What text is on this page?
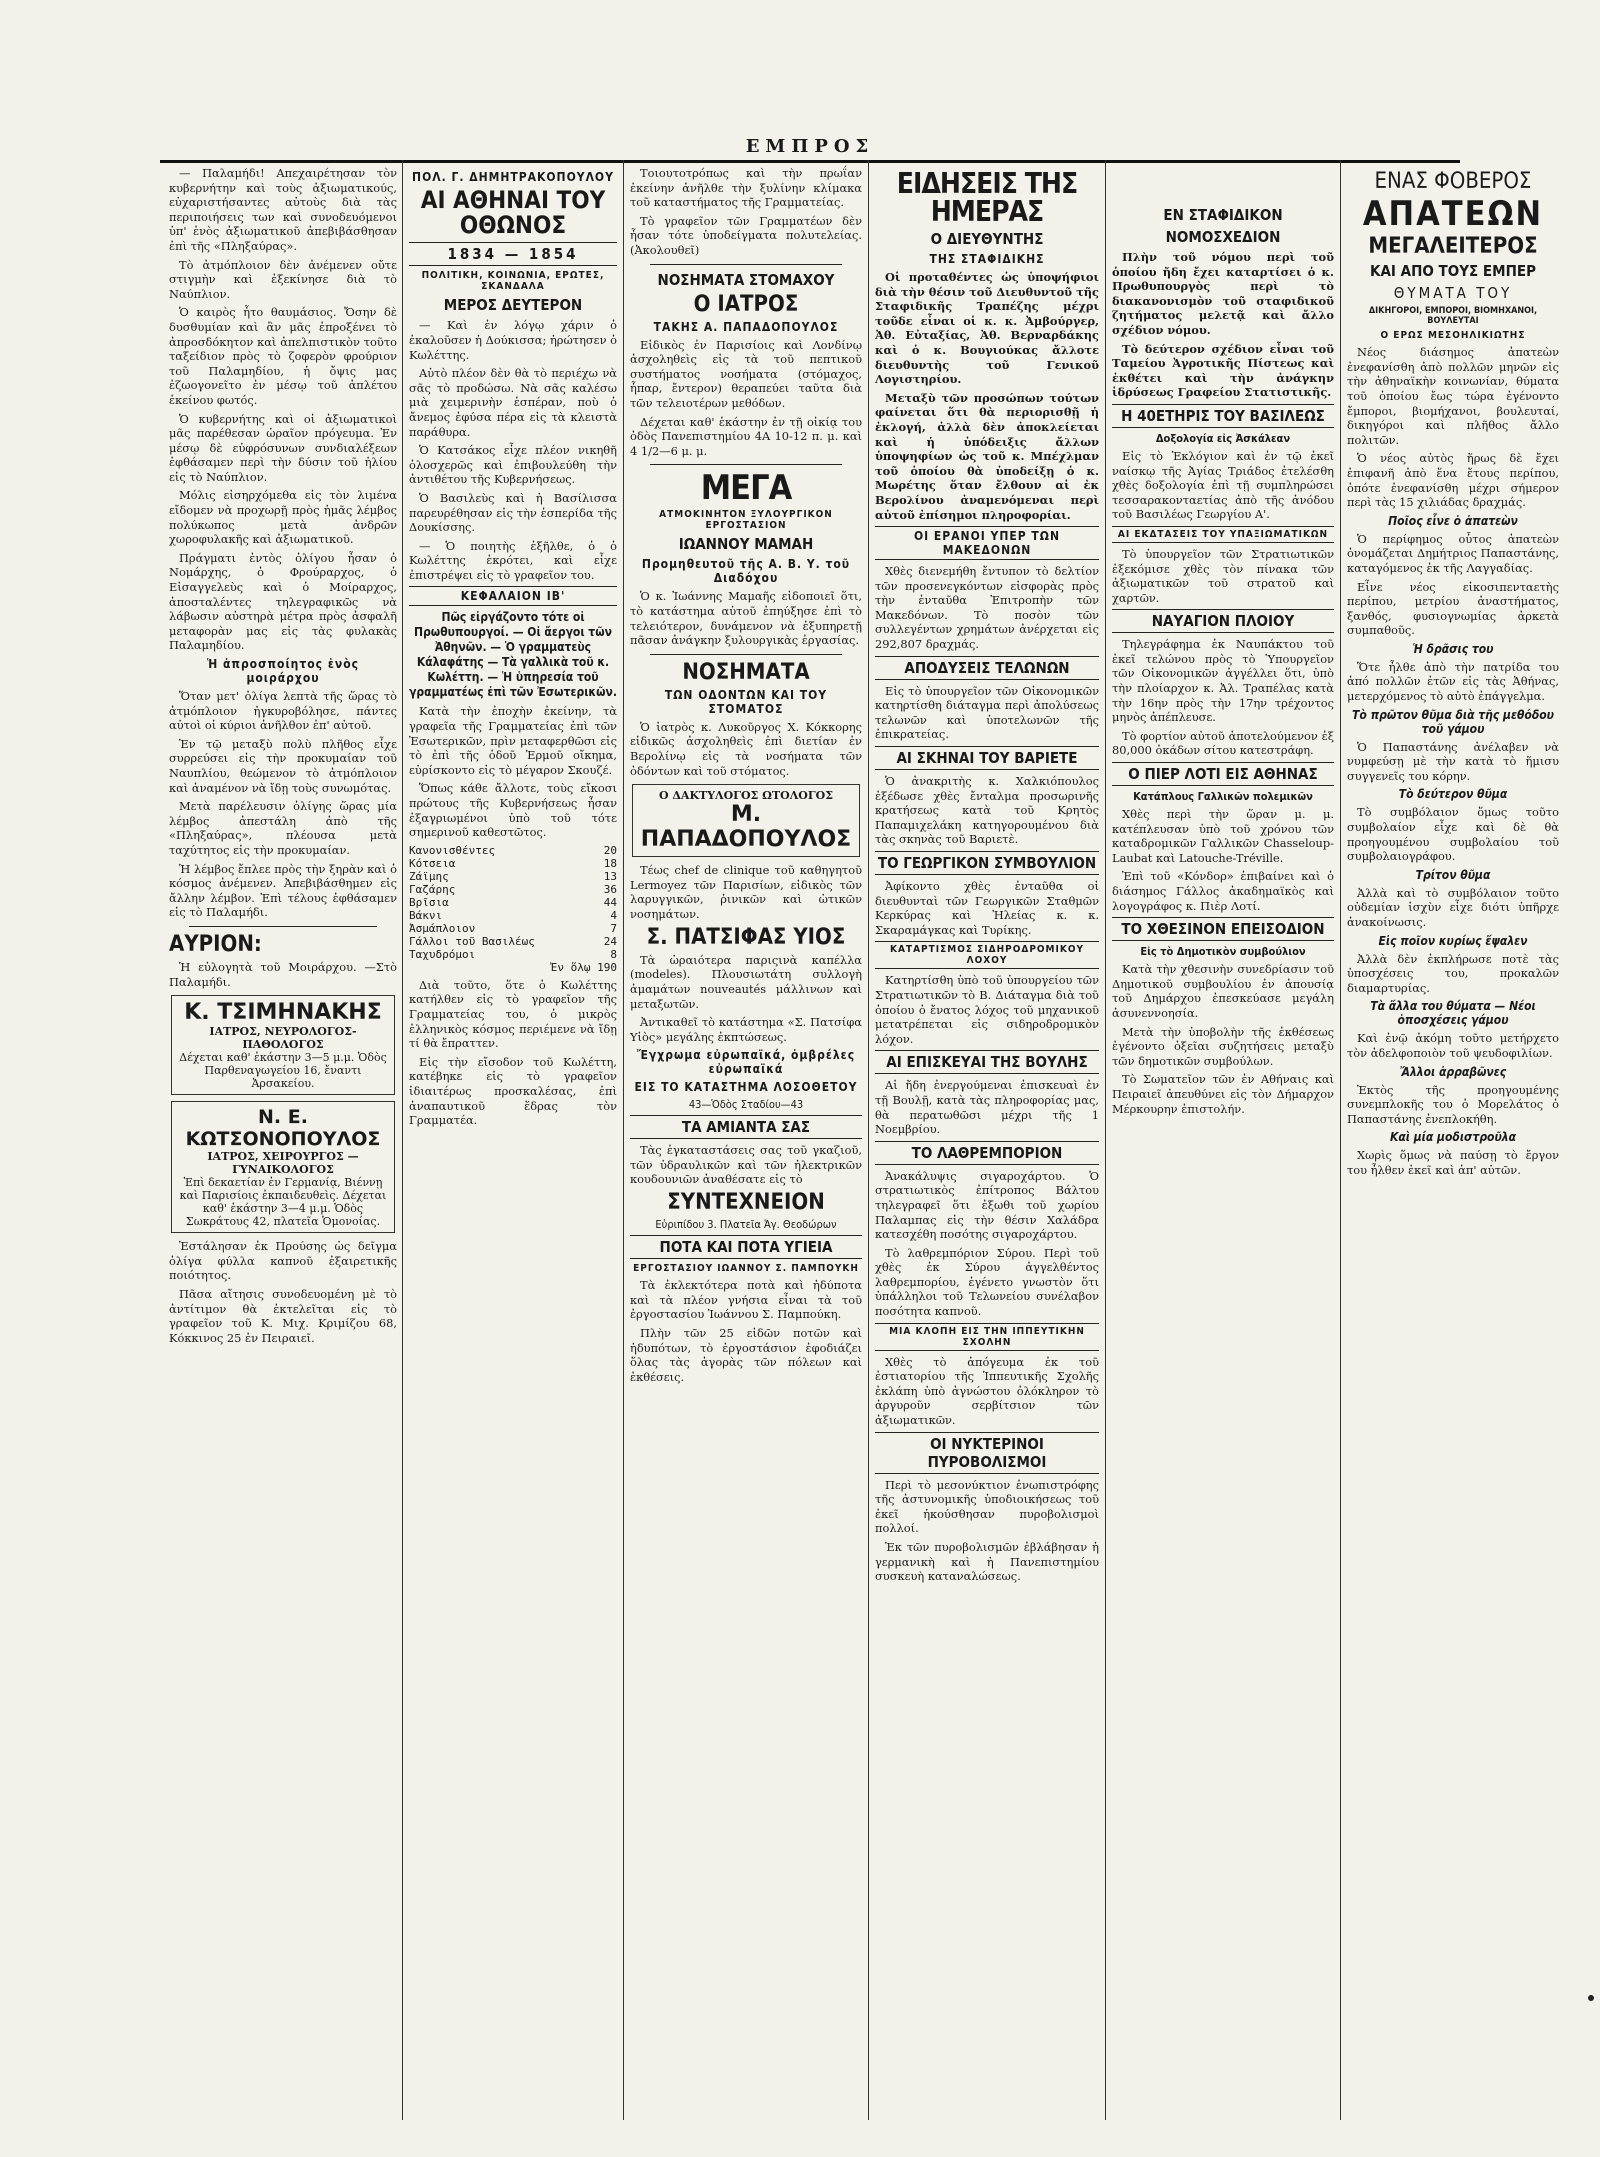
ΕΜΠΡΟΣ

— Παλαμήδι! Απεχαιρέτησαν τὸν κυβερνήτην καὶ τοὺς ἀξιωματικούς, εὐχαριστήσαντες αὐτοὺς διὰ τὰς περιποιήσεις των καὶ συνοδευόμενοι ὑπ' ἑνὸς ἀξιωματικοῦ ἀπεβιβάσθησαν ἐπὶ τῆς «Πληξαύρας».

Τὸ ἀτμόπλοιον δὲν ἀνέμενεν οὔτε στιγμὴν καὶ ἐξεκίνησε διὰ τὸ Ναύπλιον.

Ὁ καιρὸς ἦτο θαυμάσιος. Ὄσην δὲ δυσθυμίαν καὶ ἂν μᾶς ἐπροξένει τὸ ἀπροσδόκητον καὶ ἀπελπιστικὸν τοῦτο ταξείδιον πρὸς τὸ ζοφερὸν φρούριον τοῦ Παλαμηδίου, ἡ ὄψις μας ἐζωογονεῖτο ἐν μέσῳ τοῦ ἀπλέτου ἐκείνου φωτός.

Ὁ κυβερνήτης καὶ οἱ ἀξιωματικοὶ μᾶς παρέθεσαν ὡραῖον πρόγευμα. Ἐν μέσῳ δὲ εὐφρόσυνων συνδιαλέξεων ἐφθάσαμεν περὶ τὴν δύσιν τοῦ ἡλίου εἰς τὸ Ναύπλιον.

Μόλις εἰσηρχόμεθα εἰς τὸν λιμένα εἴδομεν νὰ προχωρῇ πρὸς ἡμᾶς λέμβος πολύκωπος μετὰ ἀνδρῶν χωροφυλακῆς καὶ ἀξιωματικοῦ.

Πράγματι ἐντὸς ὀλίγου ἦσαν ὁ Νομάρχης, ὁ Φρούραρχος, ὁ Εἰσαγγελεὺς καὶ ὁ Μοίραρχος, ἀποσταλέντες τηλεγραφικῶς νὰ λάβωσιν αὐστηρὰ μέτρα πρὸς ἀσφαλῆ μεταφορὰν μας εἰς τὰς φυλακὰς Παλαμηδίου.

Ἡ ἀπροσποίητος ἑνὸς μοιράρχου

Ὅταν μετ' ὀλίγα λεπτὰ τῆς ὥρας τὸ ἀτμόπλοιον ἠγκυροβόλησε, πάντες αὐτοὶ οἱ κύριοι ἀνῆλθον ἐπ' αὐτοῦ.

Ἐν τῷ μεταξὺ πολὺ πλῆθος εἶχε συρρεύσει εἰς τὴν προκυμαίαν τοῦ Ναυπλίου, θεώμενον τὸ ἀτμόπλοιον καὶ ἀναμένον νὰ ἴδῃ τοὺς συνωμότας.

Μετὰ παρέλευσιν ὀλίγης ὥρας μία λέμβος ἀπεστάλη ἀπὸ τῆς «Πληξαύρας», πλέουσα μετὰ ταχύτητος εἰς τὴν προκυμαίαν.

Ἡ λέμβος ἔπλεε πρὸς τὴν ξηρὰν καὶ ὁ κόσμος ἀνέμενεν. Ἀπεβιβάσθημεν εἰς ἄλλην λέμβον. Ἐπὶ τέλους ἐφθάσαμεν εἰς τὸ Παλαμήδι.

ΑΥΡΙΟΝ:

Ἡ εὐλογητὰ τοῦ Μοιράρχου. —Στὸ Παλαμήδι.

Κ. ΤΣΙΜΗΝΑΚΗΣ
ΙΑΤΡΟΣ, ΝΕΥΡΟΛΟΓΟΣ-ΠΑΘΟΛΟΓΟΣ
Δέχεται καθ' ἑκάστην 3—5 μ.μ. Ὁδὸς Παρθεναγωγείου 16, ἔναντι Ἀρσακείου.
Ν. Ε. ΚΩΤΣΟΝΟΠΟΥΛΟΣ
ΙΑΤΡΟΣ, ΧΕΙΡΟΥΡΓΟΣ — ΓΥΝΑΙΚΟΛΟΓΟΣ
Ἐπὶ δεκαετίαν ἐν Γερμανίᾳ, Βιέννῃ καὶ Παρισίοις ἐκπαιδευθεὶς. Δέχεται καθ' ἑκάστην 3—4 μ.μ. Ὁδὸς Σωκράτους 42, πλατεῖα Ὁμονοίας.

Ἐστάλησαν ἐκ Προύσης ὡς δεῖγμα ὀλίγα φύλλα καπνοῦ ἐξαιρετικῆς ποιότητος.

Πᾶσα αἴτησις συνοδευομένη μὲ τὸ ἀντίτιμον θὰ ἐκτελεῖται εἰς τὸ γραφεῖον τοῦ Κ. Μιχ. Κριμίζου 68, Κόκκινος 25 ἐν Πειραιεῖ.

ΠΟΛ. Γ. ΔΗΜΗΤΡΑΚΟΠΟΥΛΟΥ
ΑΙ ΑΘΗΝΑΙ ΤΟΥ ΟΘΩΝΟΣ
1834 — 1854
ΠΟΛΙΤΙΚΗ, ΚΟΙΝΩΝΙΑ, ΕΡΩΤΕΣ, ΣΚΑΝΔΑΛΑ
ΜΕΡΟΣ ΔΕΥΤΕΡΟΝ

— Καὶ ἐν λόγῳ χάριν ὁ ἐκαλοῦσεν ἡ Δούκισσα; ἠρώτησεν ὁ Κωλέττης.

Αὐτὸ πλέον δὲν θὰ τὸ περιέχω νὰ σᾶς τὸ προδώσω. Νὰ σᾶς καλέσω μιὰ χειμερινὴν ἑσπέραν, ποὺ ὁ ἄνεμος ἐφύσα πέρα εἰς τὰ κλειστὰ παράθυρα.

Ὁ Κατσάκος εἶχε πλέον νικηθῆ ὁλοσχερῶς καὶ ἐπιβουλεύθη τὴν ἀντιθέτου τῆς Κυβερνήσεως.

Ὁ Βασιλεὺς καὶ ἡ Βασίλισσα παρευρέθησαν εἰς τὴν ἑσπερίδα τῆς Δουκίσσης.

— Ὁ ποιητὴς ἐξῆλθε, ὁ ὁ Κωλέττης ἐκρότει, καὶ εἶχε ἐπιστρέψει εἰς τὸ γραφεῖον του.

ΚΕΦΑΛΑΙΟΝ ΙΒ'
Πῶς εἰργάζοντο τότε οἱ Πρωθυπουργοί. — Οἱ ἄεργοι τῶν Ἀθηνῶν. — Ὁ γραμματεὺς Κάλαφάτης — Τὰ γαλλικὰ τοῦ κ. Κωλέττη. — Ἡ ὑπηρεσία τοῦ γραμματέως ἐπὶ τῶν Ἐσωτερικῶν.

Κατὰ τὴν ἐποχὴν ἐκείνην, τὰ γραφεῖα τῆς Γραμματείας ἐπὶ τῶν Ἐσωτερικῶν, πρὶν μεταφερθῶσι εἰς τὸ ἐπὶ τῆς ὁδοῦ Ἑρμοῦ οἴκημα, εὑρίσκοντο εἰς τὸ μέγαρον Σκουζέ.

Ὅπως κάθε ἄλλοτε, τοὺς εἴκοσι πρώτους τῆς Κυβερνήσεως ἦσαν ἐξαγριωμένοι ὑπὸ τοῦ τότε σημερινοῦ καθεστῶτος.

Κανονισθέντες	20
Κότσεια	18
Ζάϊμης	13
Γαζάρης	36
Βρῖσια	44
Βάκνι	4
Ἀσμάπλοιον	7
Γάλλοι τοῦ Βασιλέως	24
Ταχυδρόμοι	8
Ἐν ὅλῳ 190

Διὰ τοῦτο, ὅτε ὁ Κωλέττης κατήλθεν εἰς τὸ γραφεῖον τῆς Γραμματείας του, ὁ μικρὸς ἑλληνικὸς κόσμος περιέμενε νὰ ἴδῃ τί θὰ ἔπραττεν.

Εἰς τὴν εἴσοδον τοῦ Κωλέττη, κατέβηκε εἰς τὸ γραφεῖον ἰδιαιτέρως προσκαλέσας, ἐπὶ ἀναπαυτικοῦ ἕδρας τὸν Γραμματέα.

Τοιουτοτρόπως καὶ τὴν πρωΐαν ἐκείνην ἀνῆλθε τὴν ξυλίνην κλίμακα τοῦ καταστήματος τῆς Γραμματείας.

Τὸ γραφεῖον τῶν Γραμματέων δὲν ἦσαν τότε ὑποδείγματα πολυτελείας. (Ἀκολουθεῖ)

ΝΟΣΗΜΑΤΑ ΣΤΟΜΑΧΟΥ
Ο ΙΑΤΡΟΣ
ΤΑΚΗΣ Α. ΠΑΠΑΔΟΠΟΥΛΟΣ

Εἰδικὸς ἐν Παρισίοις καὶ Λονδίνῳ ἀσχοληθεὶς εἰς τὰ τοῦ πεπτικοῦ συστήματος νοσήματα (στόμαχος, ἧπαρ, ἔντερον) θεραπεύει ταῦτα διὰ τῶν τελειοτέρων μεθόδων.

Δέχεται καθ' ἑκάστην ἐν τῇ οἰκίᾳ του ὁδὸς Πανεπιστημίου 4Α 10-12 π. μ. καὶ 4 1/2—6 μ. μ.

ΜΕΓΑ
ΑΤΜΟΚΙΝΗΤΟΝ ΞΥΛΟΥΡΓΙΚΟΝ ΕΡΓΟΣΤΑΣΙΟΝ
ΙΩΑΝΝΟΥ ΜΑΜΑΗ
Προμηθευτοῦ τῆς Α. Β. Υ. τοῦ Διαδόχου

Ὁ κ. Ἰωάννης Μαμαῆς εἰδοποιεῖ ὅτι, τὸ κατάστημα αὐτοῦ ἐπηύξησε ἐπὶ τὸ τελειότερον, δυνάμενον νὰ ἐξυπηρετῇ πᾶσαν ἀνάγκην ξυλουργικὰς ἐργασίας.

ΝΟΣΗΜΑΤΑ
ΤΩΝ ΟΔΟΝΤΩΝ ΚΑΙ ΤΟΥ ΣΤΟΜΑΤΟΣ

Ὁ ἰατρὸς κ. Λυκοῦργος Χ. Κόκκορης εἰδικῶς ἀσχοληθεὶς ἐπὶ διετίαν ἐν Βερολίνῳ εἰς τὰ νοσήματα τῶν ὀδόντων καὶ τοῦ στόματος.

Ο ΔΑΚΤΥΛΟΓΟΣ ΩΤΟΛΟΓΟΣ
Μ. ΠΑΠΑΔΟΠΟΥΛΟΣ

Τέως chef de clinique τοῦ καθηγητοῦ Lermoyez τῶν Παρισίων, εἰδικὸς τῶν λαρυγγικῶν, ῥινικῶν καὶ ὠτικῶν νοσημάτων.

Σ. ΠΑΤΣΙΦΑΣ ΥΙΟΣ

Τὰ ὡραιότερα παριςινὰ καπέλλα (modeles). Πλουσιωτάτη συλλογὴ ἀμαμάτων nouveautés μάλλινων καὶ μεταξωτῶν.

Ἀντικαθεῖ τὸ κατάστημα «Σ. Πατσίφα Υἱὸς» μεγάλης ἐκπτώσεως.

Ἔγχρωμα εὐρωπαϊκά, ὀμβρέλες εὐρωπαϊκά
ΕΙΣ ΤΟ ΚΑΤΑΣΤΗΜΑ ΛΟΣΟΘΕΤΟΥ
43—Ὁδὸς Σταδίου—43
ΤΑ ΑΜΙΑΝΤΑ ΣΑΣ

Τὰς ἐγκαταστάσεις σας τοῦ γκαζιοῦ, τῶν ὑδραυλικῶν καὶ τῶν ἠλεκτρικῶν κουδουνιῶν ἀναθέσατε εἰς τὸ

ΣΥΝΤΕΧΝΕΙΟΝ
Εὐριπίδου 3. Πλατεῖα Ἁγ. Θεοδώρων
ΠΟΤΑ ΚΑΙ ΠΟΤΑ ΥΓΙΕΙΑ
ΕΡΓΟΣΤΑΣΙΟΥ ΙΩΑΝΝΟΥ Σ. ΠΑΜΠΟΥΚΗ

Τὰ ἐκλεκτότερα ποτὰ καὶ ἡδύποτα καὶ τὰ πλέον γνήσια εἶναι τὰ τοῦ ἐργοστασίου Ἰωάννου Σ. Παμπούκη.

Πλὴν τῶν 25 εἰδῶν ποτῶν καὶ ἡδυπότων, τὸ ἐργοστάσιον ἐφοδιάζει ὅλας τὰς ἀγορὰς τῶν πόλεων καὶ ἐκθέσεις.

ΕΙΔΗΣΕΙΣ ΤΗΣ ΗΜΕΡΑΣ
Ο ΔΙΕΥΘΥΝΤΗΣ
ΤΗΣ ΣΤΑΦΙΔΙΚΗΣ

Οἱ προταθέντες ὡς ὑποψήφιοι διὰ τὴν θέσιν τοῦ Διευθυντοῦ τῆς Σταφιδικῆς Τραπέζης μέχρι τοῦδε εἶναι οἱ κ. κ. Ἀμβούργερ, Ἀθ. Εὐταξίας, Ἀθ. Βερναρδάκης καὶ ὁ κ. Βουγιούκας ἄλλοτε διευθυντὴς τοῦ Γενικοῦ Λογιστηρίου.

Μεταξὺ τῶν προσώπων τούτων φαίνεται ὅτι θὰ περιορισθῇ ἡ ἐκλογή, ἀλλὰ δὲν ἀποκλείεται καὶ ἡ ὑπόδειξις ἄλλων ὑποψηφίων ὡς τοῦ κ. Μπέχλμαν τοῦ ὁποίου θὰ ὑποδείξῃ ὁ κ. Μωρέτης ὅταν ἔλθουν αἱ ἐκ Βερολίνου ἀναμενόμεναι περὶ αὐτοῦ ἐπίσημοι πληροφορίαι.

ΟΙ ΕΡΑΝΟΙ ΥΠΕΡ ΤΩΝ ΜΑΚΕΔΟΝΩΝ

Χθὲς διενεμήθη ἔντυπον τὸ δελτίον τῶν προσενεγκόντων εἰσφορὰς πρὸς τὴν ἐνταῦθα Ἐπιτροπὴν τῶν Μακεδόνων. Τὸ ποσὸν τῶν συλλεγέντων χρημάτων ἀνέρχεται εἰς 292,807 δραχμάς.

ΑΠΟΔΥΣΕΙΣ ΤΕΛΩΝΩΝ

Εἰς τὸ ὑπουργεῖον τῶν Οἰκονομικῶν κατηρτίσθη διάταγμα περὶ ἀπολύσεως τελωνῶν καὶ ὑποτελωνῶν τῆς ἐπικρατείας.

ΑΙ ΣΚΗΝΑΙ ΤΟΥ ΒΑΡΙΕΤΕ

Ὁ ἀνακριτὴς κ. Χαλκιόπουλος ἐξέδωσε χθὲς ἔνταλμα προσωρινῆς κρατήσεως κατὰ τοῦ Κρητὸς Παπαμιχελάκη κατηγορουμένου διὰ τὰς σκηνὰς τοῦ Βαριετὲ.

ΤΟ ΓΕΩΡΓΙΚΟΝ ΣΥΜΒΟΥΛΙΟΝ

Ἀφίκοντο χθὲς ἐνταῦθα οἱ διευθυνταὶ τῶν Γεωργικῶν Σταθμῶν Κερκύρας καὶ Ἠλείας κ. κ. Σκαραμάγκας καὶ Τυρίκης.

ΚΑΤΑΡΤΙΣΜΟΣ ΣΙΔΗΡΟΔΡΟΜΙΚΟΥ ΛΟΧΟΥ

Κατηρτίσθη ὑπὸ τοῦ ὑπουργείου τῶν Στρατιωτικῶν τὸ Β. Διάταγμα διὰ τοῦ ὁποίου ὁ ἔνατος λόχος τοῦ μηχανικοῦ μετατρέπεται εἰς σιδηροδρομικὸν λόχον.

ΑΙ ΕΠΙΣΚΕΥΑΙ ΤΗΣ ΒΟΥΛΗΣ

Αἱ ἤδη ἐνεργούμεναι ἐπισκευαὶ ἐν τῇ Βουλῇ, κατὰ τὰς πληροφορίας μας, θὰ περατωθῶσι μέχρι τῆς 1 Νοεμβρίου.

ΤΟ ΛΑΘΡΕΜΠΟΡΙΟΝ

Ἀνακάλυψις σιγαροχάρτου. Ὁ στρατιωτικὸς ἐπίτροπος Βάλτου τηλεγραφεῖ ὅτι ἐξωθι τοῦ χωρίου Παλαμπας εἰς τὴν θέσιν Χαλάδρα κατεσχέθη ποσότης σιγαροχάρτου.

Τὸ λαθρεμπόριον Σύρου. Περὶ τοῦ χθὲς ἐκ Σύρου ἀγγελθέντος λαθρεμπορίου, ἐγένετο γνωστὸν ὅτι ὑπάλληλοι τοῦ Τελωνείου συνέλαβον ποσότητα καπνοῦ.

ΜΙΑ ΚΛΟΠΗ ΕΙΣ ΤΗΝ ΙΠΠΕΥΤΙΚΗΝ ΣΧΟΛΗΝ

Χθὲς τὸ ἀπόγευμα ἐκ τοῦ ἐστιατορίου τῆς Ἱππευτικῆς Σχολῆς ἐκλάπη ὑπὸ ἀγνώστου ὀλόκληρον τὸ ἀργυροῦν σερβίτσιον τῶν ἀξιωματικῶν.

ΟΙ ΝΥΚΤΕΡΙΝΟΙ ΠΥΡΟΒΟΛΙΣΜΟΙ

Περὶ τὸ μεσονύκτιον ἐνωπιστρόφης τῆς ἀστυνομικῆς ὑποδιοικήσεως τοῦ ἐκεῖ ἠκούσθησαν πυροβολισμοὶ πολλοί.

Ἐκ τῶν πυροβολισμῶν ἐβλάβησαν ἡ γερμανικὴ καὶ ἡ Πανεπιστημίου συσκευὴ καταναλώσεως.

ΕΝ ΣΤΑΦΙΔΙΚΟΝ
ΝΟΜΟΣΧΕΔΙΟΝ

Πλὴν τοῦ νόμου περὶ τοῦ ὁποίου ἤδη ἔχει καταρτίσει ὁ κ. Πρωθυπουργὸς περὶ τὸ διακανονισμὸν τοῦ σταφιδικοῦ ζητήματος μελετᾷ καὶ ἄλλο σχέδιον νόμου.

Τὸ δεύτερον σχέδιον εἶναι τοῦ Ταμείου Ἀγροτικῆς Πίστεως καὶ ἐκθέτει καὶ τὴν ἀνάγκην ἱδρύσεως Γραφείου Στατιστικῆς.

Η 40ΕΤΗΡΙΣ ΤΟΥ ΒΑΣΙΛΕΩΣ
Δοξολογία εἰς Ἀσκάλεαν

Εἰς τὸ Ἐκλόγιον καὶ ἐν τῷ ἐκεῖ ναίσκῳ τῆς Ἀγίας Τριάδος ἐτελέσθη χθὲς δοξολογία ἐπὶ τῇ συμπληρώσει τεσσαρακονταετίας ἀπὸ τῆς ἀνόδου τοῦ Βασιλέως Γεωργίου Α'.

ΑΙ ΕΚΔΤΑΣΕΙΣ ΤΟΥ ΥΠΑΞΙΩΜΑΤΙΚΩΝ

Τὸ ὑπουργεῖον τῶν Στρατιωτικῶν ἐξεκόμισε χθὲς τὸν πίνακα τῶν ἀξιωματικῶν τοῦ στρατοῦ καὶ χαρτῶν.

ΝΑΥΑΓΙΟΝ ΠΛΟΙΟΥ

Τηλεγράφημα ἐκ Ναυπάκτου τοῦ ἐκεῖ τελώνου πρὸς τὸ Ὑπουργεῖον τῶν Οἰκονομικῶν ἀγγέλλει ὅτι, ὑπὸ τὴν πλοίαρχον κ. Ἀλ. Τραπέλας κατὰ τὴν 16ην πρὸς τὴν 17ην τρέχοντος μηνὸς ἀπέπλευσε.

Τὸ φορτίον αὐτοῦ ἀποτελούμενον ἐξ 80,000 ὀκάδων σίτου κατεστράφη.

Ο ΠΙΕΡ ΛΟΤΙ ΕΙΣ ΑΘΗΝΑΣ
Κατάπλους Γαλλικῶν πολεμικῶν

Χθὲς περὶ τὴν ὥραν μ. μ. κατέπλευσαν ὑπὸ τοῦ χρόνου τῶν καταδρομικῶν Γαλλικῶν Chasseloup-Laubat καὶ Latouche-Tréville.

Ἐπὶ τοῦ «Κόνδορ» ἐπιβαίνει καὶ ὁ διάσημος Γάλλος ἀκαδημαϊκὸς καὶ λογογράφος κ. Πιὲρ Λοτί.

ΤΟ ΧΘΕΣΙΝΟΝ ΕΠΕΙΣΟΔΙΟΝ
Εἰς τὸ Δημοτικὸν συμβούλιον

Κατὰ τὴν χθεσινὴν συνεδρίασιν τοῦ Δημοτικοῦ συμβουλίου ἐν ἀπουσίᾳ τοῦ Δημάρχου ἐπεσκεύασε μεγάλη ἀσυνεννοησία.

Μετὰ τὴν ὑποβολὴν τῆς ἐκθέσεως ἐγένοντο ὀξεῖαι συζητήσεις μεταξὺ τῶν δημοτικῶν συμβούλων.

Τὸ Σωματεῖον τῶν ἐν Αθήναις καὶ Πειραιεῖ ἀπευθύνει εἰς τὸν Δήμαρχον Μέρκουρην ἐπιστολήν.

ΕΝΑΣ ΦΟΒΕΡΟΣ
ΑΠΑΤΕΩΝ
ΜΕΓΑΛΕΙΤΕΡΟΣ
ΚΑΙ ΑΠΟ ΤΟΥΣ ΕΜΠΕΡ
ΘΥΜΑΤΑ ΤΟΥ
ΔΙΚΗΓΟΡΟΙ, ΕΜΠΟΡΟΙ, ΒΙΟΜΗΧΑΝΟΙ, ΒΟΥΛΕΥΤΑΙ
Ο ΕΡΩΣ ΜΕΣΟΗΛΙΚΙΩΤΗΣ

Νέος διάσημος ἀπατεὼν ἐνεφανίσθη ἀπὸ πολλῶν μηνῶν εἰς τὴν ἀθηναϊκὴν κοινωνίαν, θύματα τοῦ ὁποίου ἔως τώρα ἐγένοντο ἔμποροι, βιομήχανοι, βουλευταί, δικηγόροι καὶ πλῆθος ἄλλο πολιτῶν.

Ὁ νέος αὐτὸς ἥρως δὲ ἔχει ἐπιφανῆ ἀπὸ ἕνα ἔτους περίπου, ὁπότε ἐνεφανίσθη μέχρι σήμερον περὶ τὰς 15 χιλιάδας δραχμάς.

Ποῖος εἶνε ὁ ἀπατεὼν

Ὁ περίφημος οὗτος ἀπατεὼν ὀνομάζεται Δημήτριος Παπαστάνης, καταγόμενος ἐκ τῆς Λαγγαδίας.

Εἶνε νέος εἰκοσιπενταετὴς περίπου, μετρίου ἀναστήματος, ξανθός, φυσιογνωμίας ἀρκετὰ συμπαθοῦς.

Ἡ δρᾶσις του

Ὅτε ἦλθε ἀπὸ τὴν πατρίδα του ἀπό πολλῶν ἐτῶν εἰς τὰς Ἀθήνας, μετερχόμενος τὸ αὐτὸ ἐπάγγελμα.

Τὸ πρῶτον θῦμα διὰ τῆς μεθόδου τοῦ γάμου

Ὁ Παπαστάνης ἀνέλαβεν νὰ νυμφεύσῃ μὲ τὴν κατὰ τὸ ἥμισυ συγγενεῖς του κόρην.

Τὸ δεύτερον θῦμα

Τὸ συμβόλαιον ὅμως τοῦτο συμβολαίον εἶχε καὶ δὲ θὰ προηγουμένου συμβολαίου τοῦ συμβολαιογράφου.

Τρίτον θῦμα

Ἀλλὰ καὶ τὸ συμβόλαιον τοῦτο οὐδεμίαν ἰσχὺν εἶχε διότι ὑπῆρχε ἀνακοίνωσις.

Εἰς ποῖον κυρίως ἔψαλεν

Ἀλλὰ δὲν ἐκπλήρωσε ποτὲ τὰς ὑποσχέσεις του, προκαλῶν διαμαρτυρίας.

Τὰ ἄλλα του θύματα — Νέοι ὁποσχέσεις γάμου

Καὶ ἐνῷ ἀκόμη τοῦτο μετήρχετο τὸν ἀδελφοποιὸν τοῦ ψευδοφιλίων.

Ἄλλοι ἀρραβῶνες

Ἐκτὸς τῆς προηγουμένης συνεμπλοκῆς του ὁ Μορελάτος ὁ Παπαστάνης ἐνεπλοκήθη.

Καὶ μία μοδιστροῦλα

Χωρὶς ὅμως νὰ παύσῃ τὸ ἔργον του ἦλθεν ἐκεῖ καὶ ἀπ' αὐτῶν.
